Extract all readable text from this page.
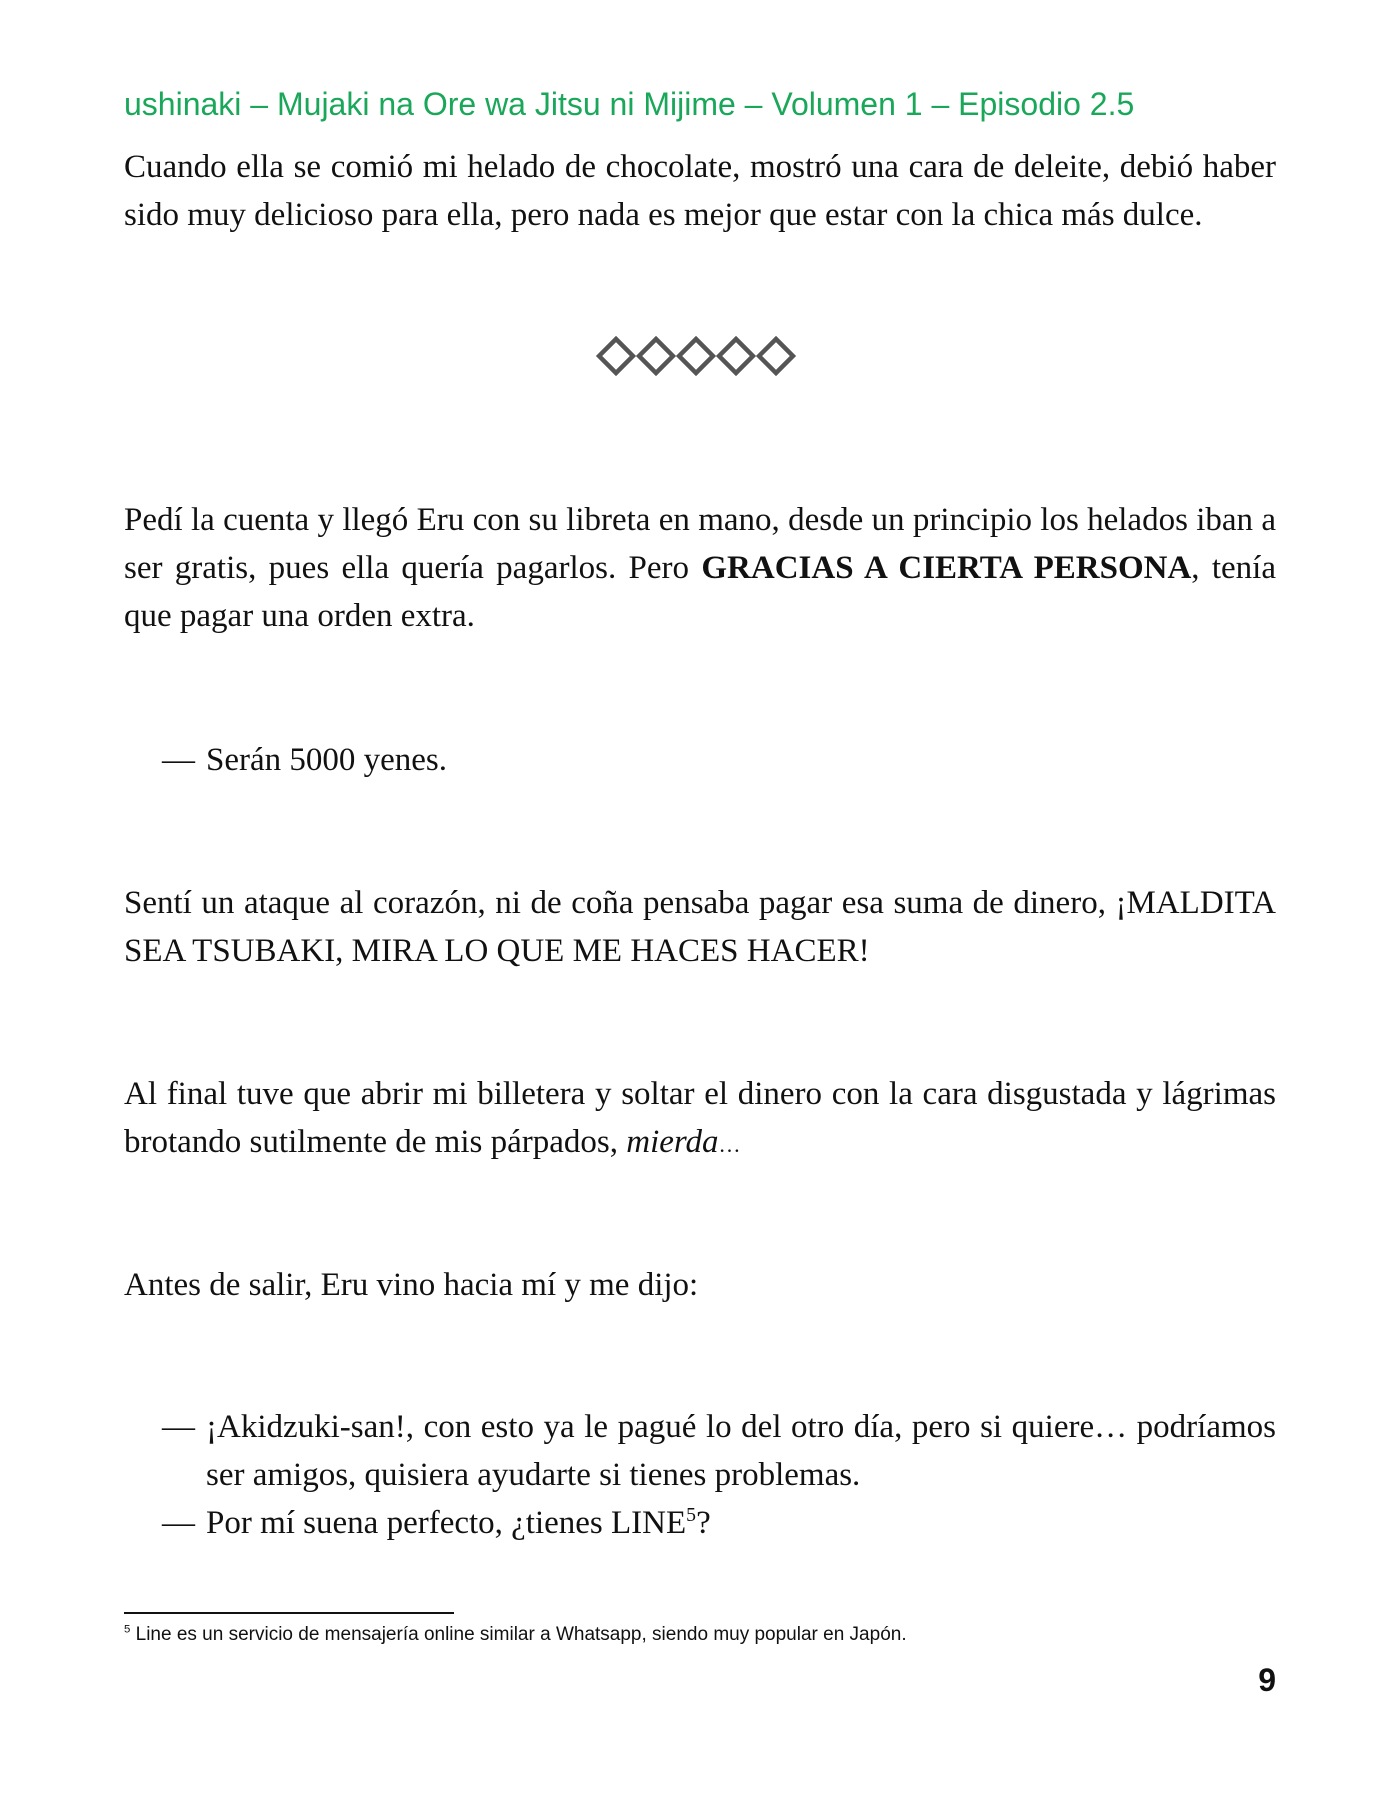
ushinaki – Mujaki na Ore wa Jitsu ni Mijime – Volumen 1 – Episodio 2.5

Cuando ella se comió mi helado de chocolate, mostró una cara de deleite, debió haber sido muy delicioso para ella, pero nada es mejor que estar con la chica más dulce.

Pedí la cuenta y llegó Eru con su libreta en mano, desde un principio los helados iban a ser gratis, pues ella quería pagarlos. Pero GRACIAS A CIERTA PERSONA, tenía que pagar una orden extra.

— Serán 5000 yenes.

Sentí un ataque al corazón, ni de coña pensaba pagar esa suma de dinero, ¡MALDITA SEA TSUBAKI, MIRA LO QUE ME HACES HACER!

Al final tuve que abrir mi billetera y soltar el dinero con la cara disgustada y lágrimas brotando sutilmente de mis párpados, mierda…

Antes de salir, Eru vino hacia mí y me dijo:

— ¡Akidzuki-san!, con esto ya le pagué lo del otro día, pero si quiere… podríamos ser amigos, quisiera ayudarte si tienes problemas.
— Por mí suena perfecto, ¿tienes LINE$^5$?
$^5$ Line es un servicio de mensajería online similar a Whatsapp, siendo muy popular en Japón.
9
